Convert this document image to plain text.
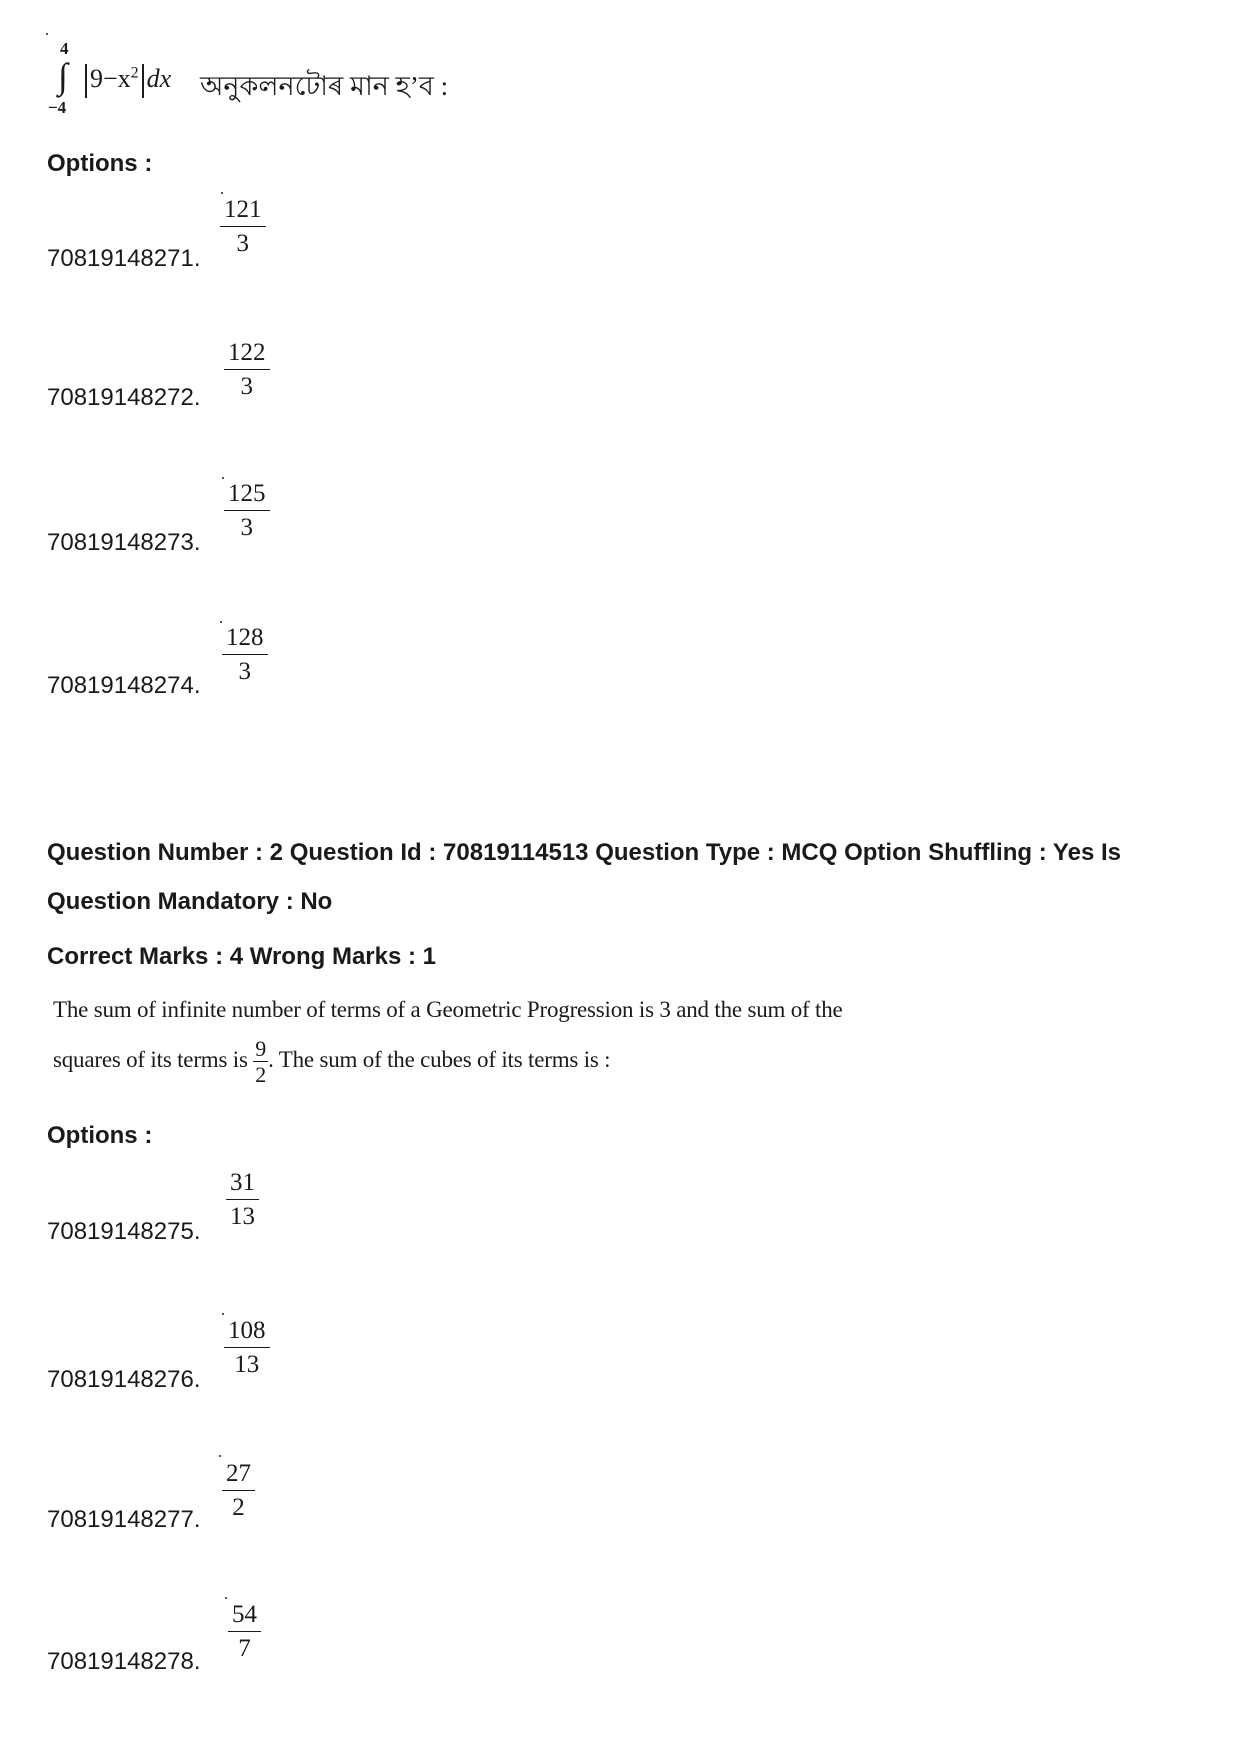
4
∫
−4
$9-x^2$ dx অনুকলনটোৰ মান হ’ব :
Options :
$\frac{121}{3}$
70819148271.
$\frac{122}{3}$
70819148272.
$\frac{125}{3}$
70819148273.
$\frac{128}{3}$
70819148274.
Question Number : 2 Question Id : 70819114513 Question Type : MCQ Option Shuffling : Yes Is
Question Mandatory : No
Correct Marks : 4 Wrong Marks : 1
The sum of infinite number of terms of a Geometric Progression is 3 and the sum of the
squares of its terms is $\frac{9}{2}$ . The sum of the cubes of its terms is :
Options :
$\frac{31}{13}$
70819148275.
$\frac{108}{13}$
70819148276.
$\frac{27}{2}$
70819148277.
$\frac{54}{7}$
70819148278.
